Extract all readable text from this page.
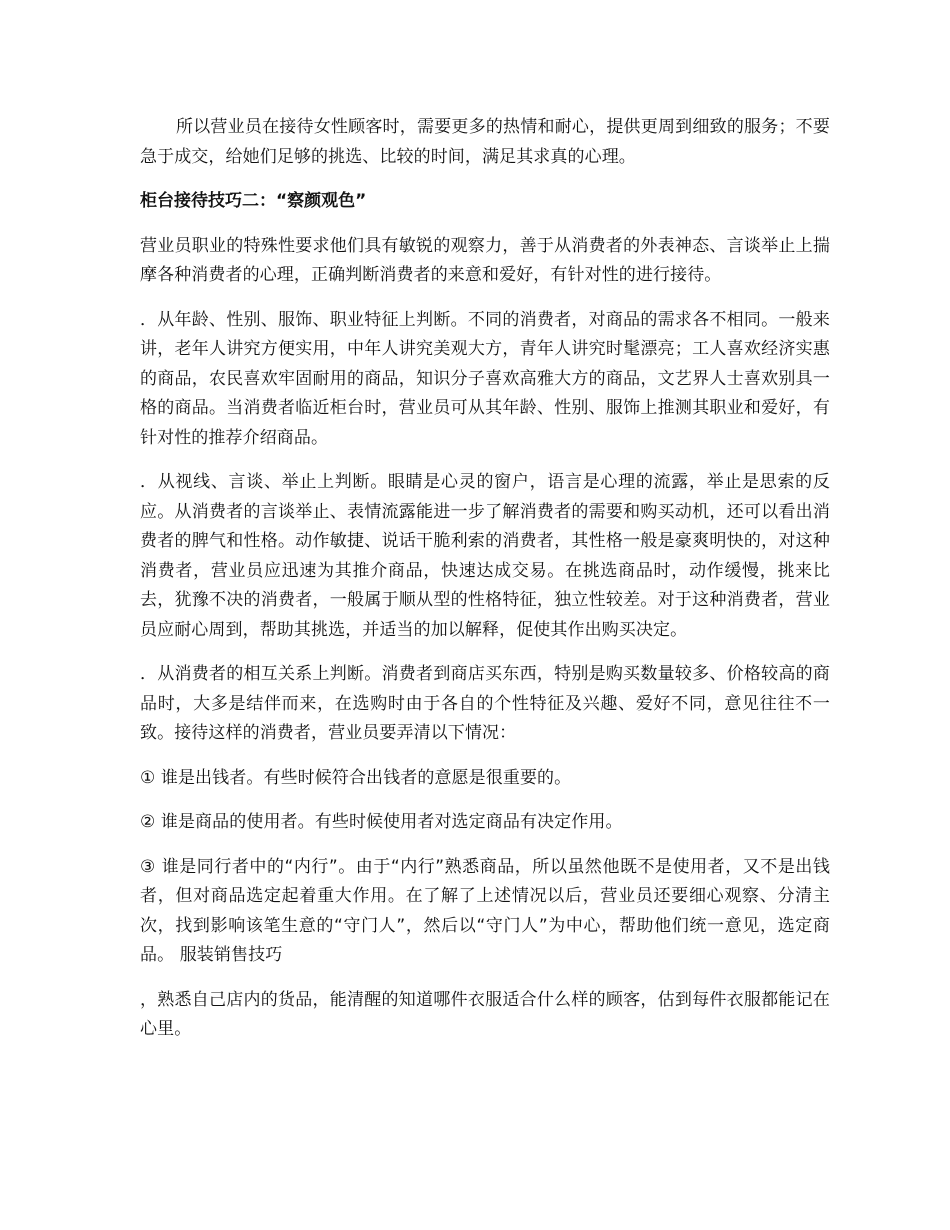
所以营业员在接待女性顾客时，需要更多的热情和耐心，提供更周到细致的服务；不要急于成交，给她们足够的挑选、比较的时间，满足其求真的心理。

柜台接待技巧二：“察颜观色”

营业员职业的特殊性要求他们具有敏锐的观察力，善于从消费者的外表神态、言谈举止上揣摩各种消费者的心理，正确判断消费者的来意和爱好，有针对性的进行接待。

．从年龄、性别、服饰、职业特征上判断。不同的消费者，对商品的需求各不相同。一般来讲，老年人讲究方便实用，中年人讲究美观大方，青年人讲究时髦漂亮；工人喜欢经济实惠的商品，农民喜欢牢固耐用的商品，知识分子喜欢高雅大方的商品，文艺界人士喜欢别具一格的商品。当消费者临近柜台时，营业员可从其年龄、性别、服饰上推测其职业和爱好，有针对性的推荐介绍商品。

．从视线、言谈、举止上判断。眼睛是心灵的窗户，语言是心理的流露，举止是思索的反应。从消费者的言谈举止、表情流露能进一步了解消费者的需要和购买动机，还可以看出消费者的脾气和性格。动作敏捷、说话干脆利索的消费者，其性格一般是豪爽明快的，对这种消费者，营业员应迅速为其推介商品，快速达成交易。在挑选商品时，动作缓慢，挑来比去，犹豫不决的消费者，一般属于顺从型的性格特征，独立性较差。对于这种消费者，营业员应耐心周到，帮助其挑选，并适当的加以解释，促使其作出购买决定。

．从消费者的相互关系上判断。消费者到商店买东西，特别是购买数量较多、价格较高的商品时，大多是结伴而来，在选购时由于各自的个性特征及兴趣、爱好不同，意见往往不一致。接待这样的消费者，营业员要弄清以下情况：

① 谁是出钱者。有些时候符合出钱者的意愿是很重要的。

② 谁是商品的使用者。有些时候使用者对选定商品有决定作用。

③ 谁是同行者中的“内行”。由于“内行”熟悉商品，所以虽然他既不是使用者，又不是出钱者，但对商品选定起着重大作用。在了解了上述情况以后，营业员还要细心观察、分清主次，找到影响该笔生意的“守门人”，然后以“守门人”为中心，帮助他们统一意见，选定商品。 服装销售技巧

，熟悉自己店内的货品，能清醒的知道哪件衣服适合什么样的顾客，估到每件衣服都能记在心里。
